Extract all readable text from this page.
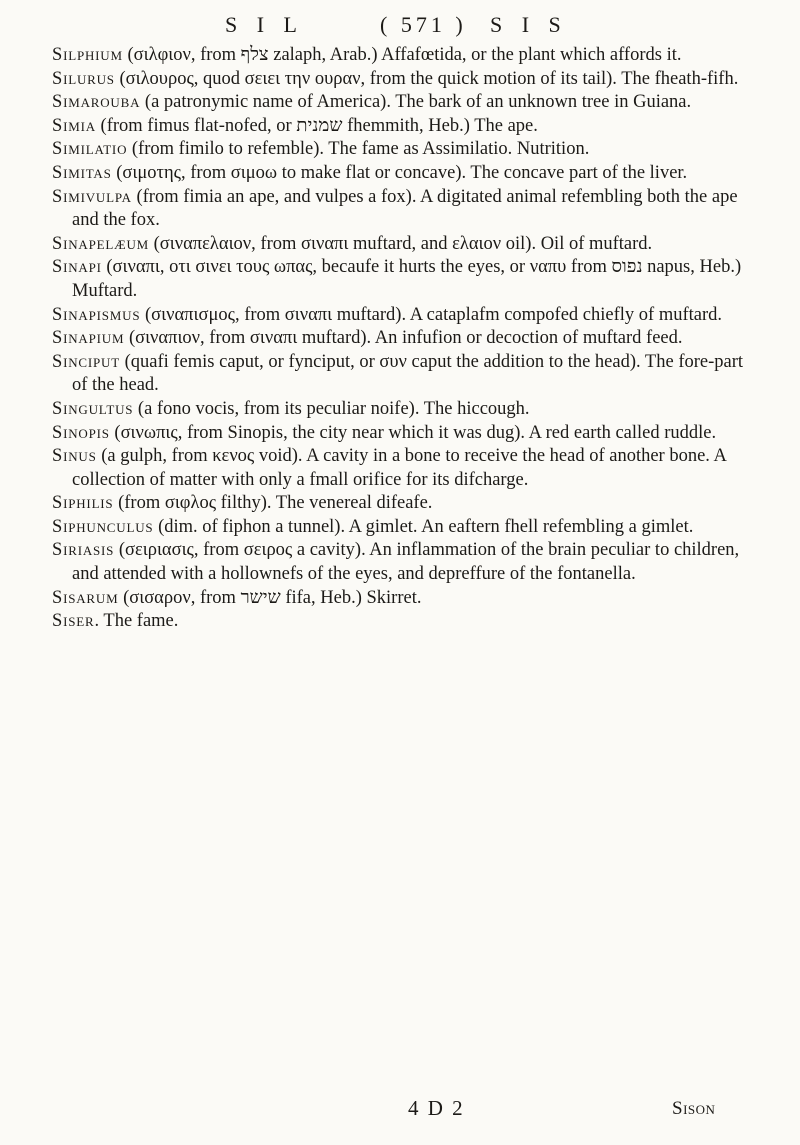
S I L	( 571 ) S I S

Silphium (σιλφιον, from צלף zalaph, Arab.) Affafœtida, or the plant which affords it.

Silurus (σιλουρος, quod σειει την ουραν, from the quick motion of its tail). The fheath-fifh.

Simarouba (a patronymic name of America). The bark of an unknown tree in Guiana.

Simia (from fimus flat-nofed, or שמנית fhemmith, Heb.) The ape.

Similatio (from fimilo to refemble). The fame as Assimilatio. Nutrition.

Simitas (σιμοτης, from σιμοω to make flat or concave). The concave part of the liver.

Simivulpa (from fimia an ape, and vulpes a fox). A digitated animal refembling both the ape and the fox.

Sinapelæum (σιναπελαιον, from σιναπι muftard, and ελαιον oil). Oil of muftard.

Sinapi (σιναπι, οτι σινει τους ωπας, becaufe it hurts the eyes, or ναπυ from נפוס napus, Heb.) Muftard.

Sinapismus (σιναπισμος, from σιναπι muftard). A cataplafm compofed chiefly of muftard.

Sinapium (σιναπιον, from σιναπι muftard). An infufion or decoction of muftard feed.

Sinciput (quafi femis caput, or fynciput, or συν caput the addition to the head). The fore-part of the head.

Singultus (a fono vocis, from its peculiar noife). The hiccough.

Sinopis (σινωπις, from Sinopis, the city near which it was dug). A red earth called ruddle.

Sinus (a gulph, from κενος void). A cavity in a bone to receive the head of another bone. A collection of matter with only a fmall orifice for its difcharge.

Siphilis (from σιφλος filthy). The venereal difeafe.

Siphunculus (dim. of fiphon a tunnel). A gimlet. An eaftern fhell refembling a gimlet.

Siriasis (σειριασις, from σειρος a cavity). An inflammation of the brain peculiar to children, and attended with a hollownefs of the eyes, and depreffure of the fontanella.

Sisarum (σισαρον, from שישר fifa, Heb.) Skirret.

Siser. The fame.

4 D 2	Sison
